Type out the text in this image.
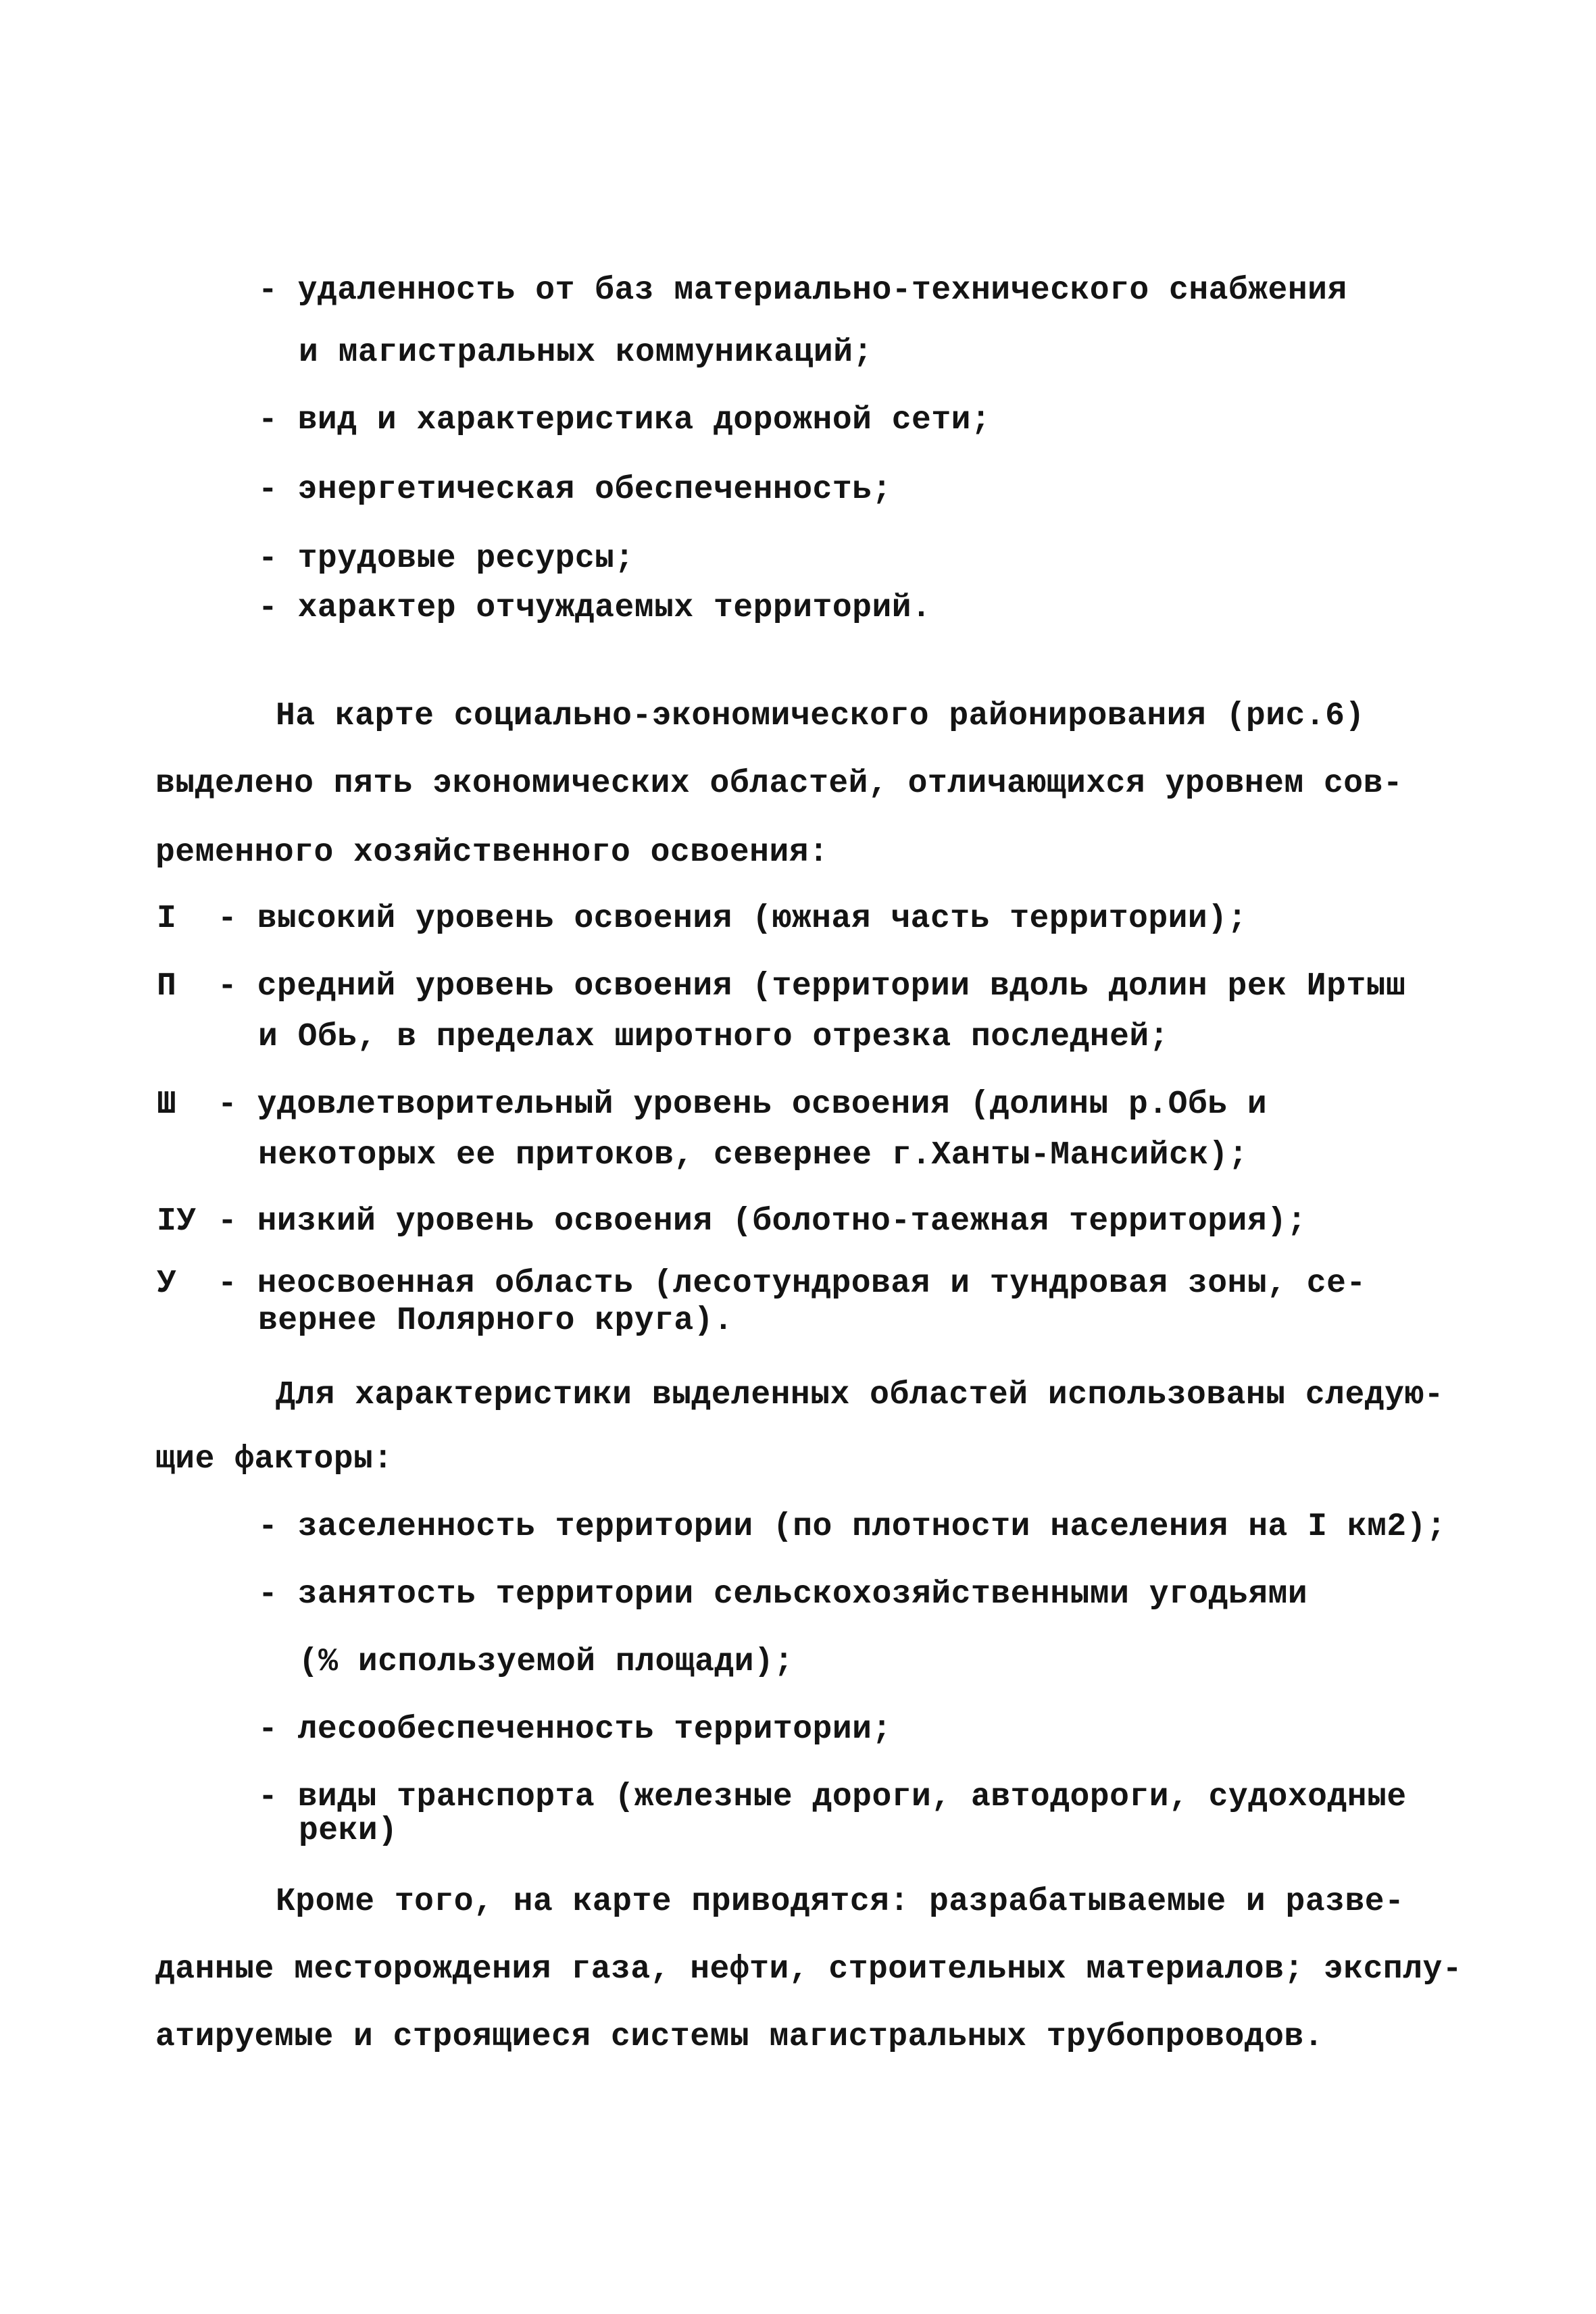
- удаленность от баз материально-технического снабжения
и магистральных коммуникаций;
- вид и характеристика дорожной сети;
- энергетическая обеспеченность;
- трудовые ресурсы;
- характер отчуждаемых территорий.
На карте социально-экономического районирования (рис.6)
выделено пять экономических областей, отличающихся уровнем сов-
ременного хозяйственного освоения:
I	- высокий уровень освоения (южная часть территории);
П	- средний уровень освоения (территории вдоль долин рек Иртыш
и Обь, в пределах широтного отрезка последней;
Ш	- удовлетворительный уровень освоения (долины р.Обь и
некоторых ее притоков, севернее г.Ханты-Мансийск);
IУ - низкий уровень освоения (болотно-таежная территория);
У	- неосвоенная область (лесотундровая и тундровая зоны, се-
вернее Полярного круга).
Для характеристики выделенных областей использованы следую-
щие факторы:
- заселенность территории (по плотности населения на I км2);
- занятость территории сельскохозяйственными угодьями
(% используемой площади);
- лесообеспеченность территории;
- виды транспорта (железные дороги, автодороги, судоходные
реки)
Кроме того, на карте приводятся: разрабатываемые и разве-
данные месторождения газа, нефти, строительных материалов; эксплу-
атируемые и строящиеся системы магистральных трубопроводов.
